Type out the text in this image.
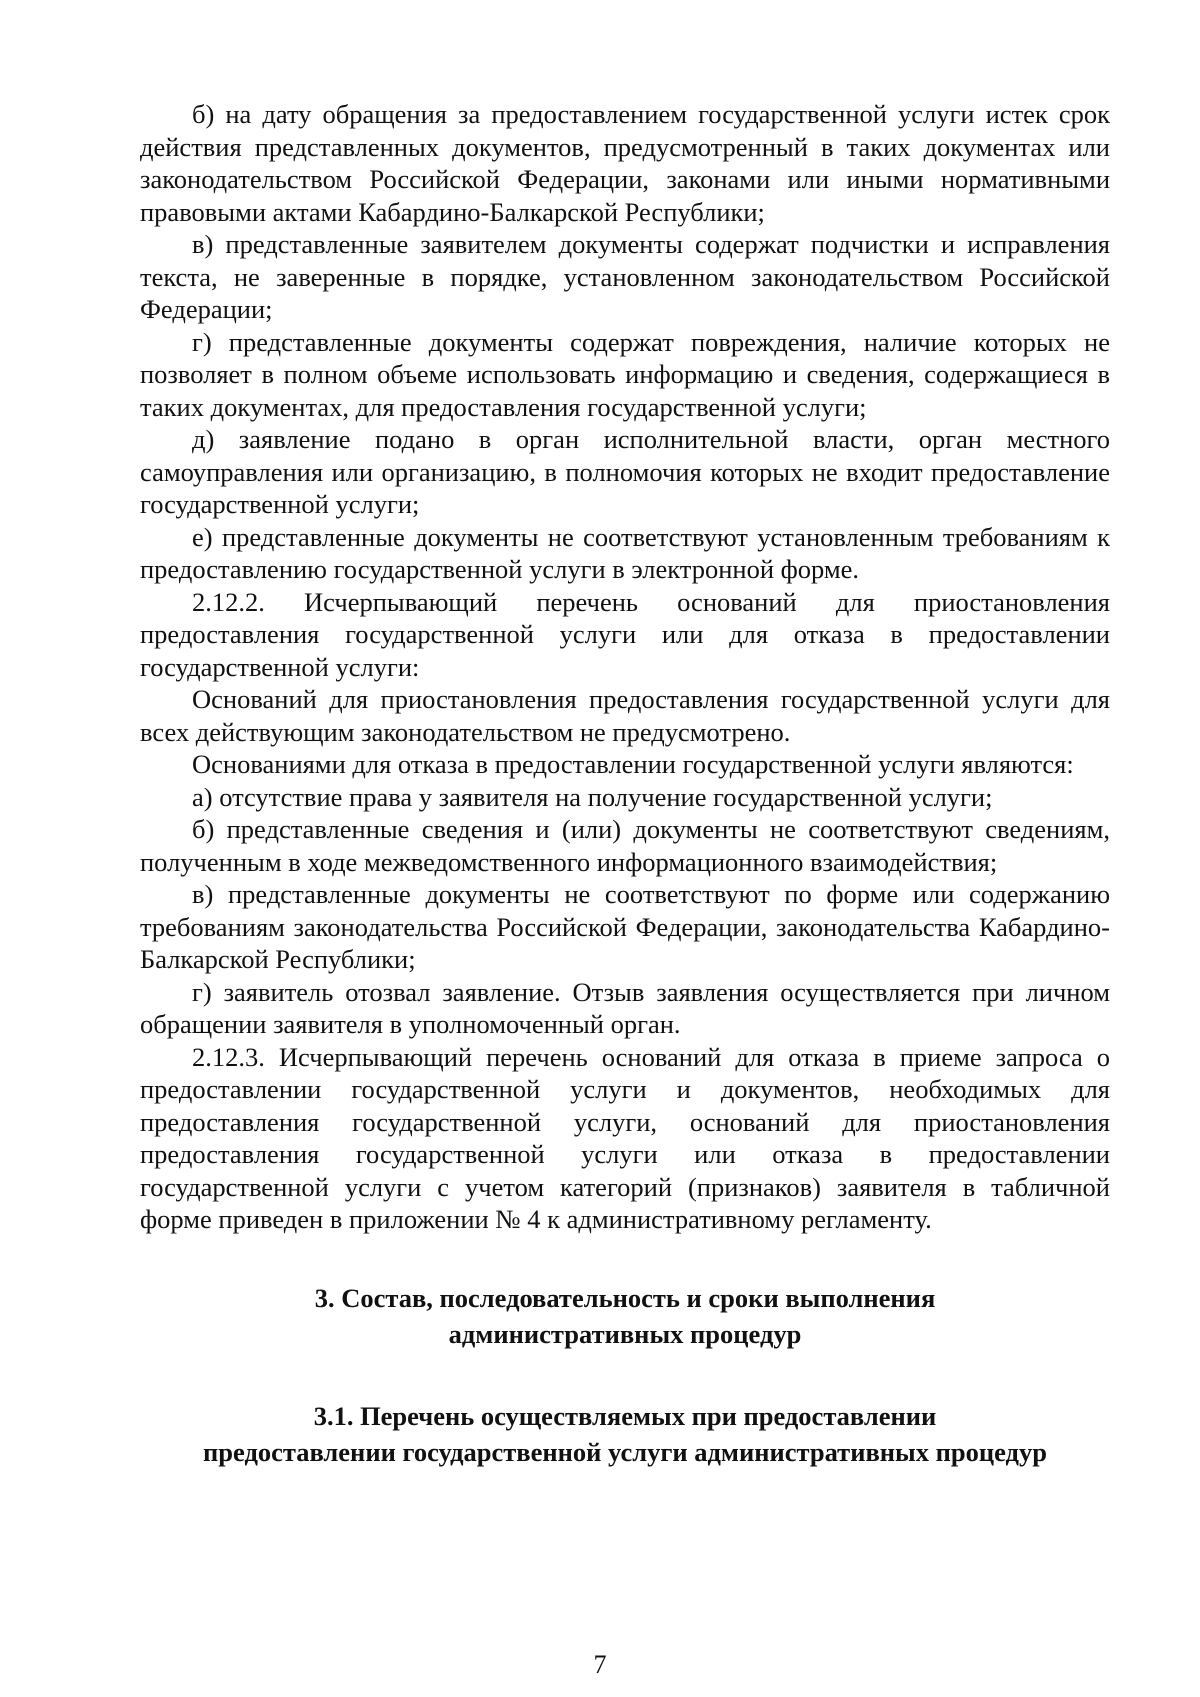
б) на дату обращения за предоставлением государственной услуги истек срок действия представленных документов, предусмотренный в таких документах или законодательством Российской Федерации, законами или иными нормативными правовыми актами Кабардино-Балкарской Республики;

в) представленные заявителем документы содержат подчистки и исправления текста, не заверенные в порядке, установленном законодательством Российской Федерации;

г) представленные документы содержат повреждения, наличие которых не позволяет в полном объеме использовать информацию и сведения, содержащиеся в таких документах, для предоставления государственной услуги;

д) заявление подано в орган исполнительной власти, орган местного самоуправления или организацию, в полномочия которых не входит предоставление государственной услуги;

е) представленные документы не соответствуют установленным требованиям к предоставлению государственной услуги в электронной форме.

2.12.2. Исчерпывающий перечень оснований для приостановления предоставления государственной услуги или для отказа в предоставлении государственной услуги:

Оснований для приостановления предоставления государственной услуги для всех действующим законодательством не предусмотрено.

Основаниями для отказа в предоставлении государственной услуги являются:

а) отсутствие права у заявителя на получение государственной услуги;

б) представленные сведения и (или) документы не соответствуют сведениям, полученным в ходе межведомственного информационного взаимодействия;

в) представленные документы не соответствуют по форме или содержанию требованиям законодательства Российской Федерации, законодательства Кабардино-Балкарской Республики;

г) заявитель отозвал заявление. Отзыв заявления осуществляется при личном обращении заявителя в уполномоченный орган.

2.12.3. Исчерпывающий перечень оснований для отказа в приеме запроса о предоставлении государственной услуги и документов, необходимых для предоставления государственной услуги, оснований для приостановления предоставления государственной услуги или отказа в предоставлении государственной услуги с учетом категорий (признаков) заявителя в табличной форме приведен в приложении № 4 к административному регламенту.

3. Состав, последовательность и сроки выполнения
административных процедур
3.1. Перечень осуществляемых при предоставлении
предоставлении государственной услуги административных процедур
7
